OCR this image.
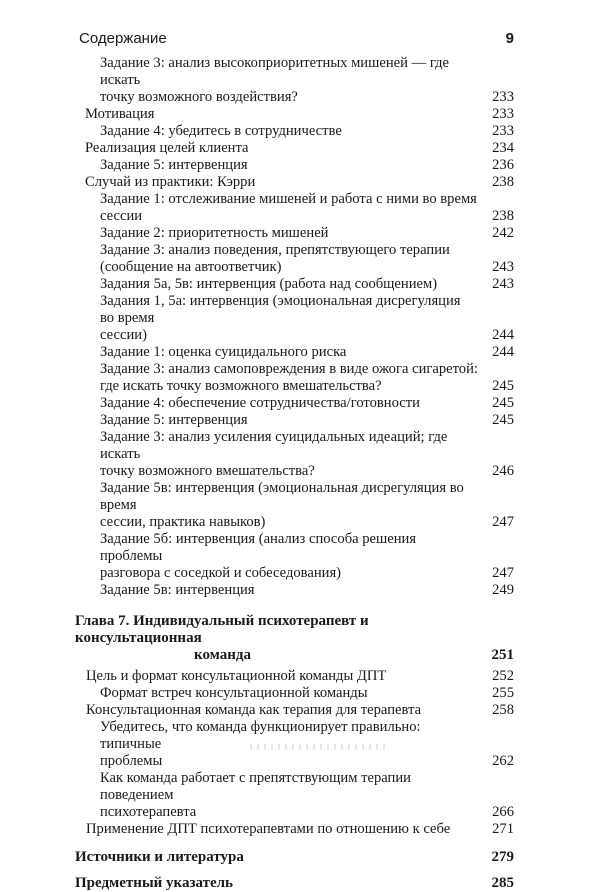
Содержание	9
Задание 3: анализ высокоприоритетных мишеней — где искать
точку возможного воздействия?	233
Мотивация	233
Задание 4: убедитесь в сотрудничестве	233
Реализация целей клиента	234
Задание 5: интервенция	236
Случай из практики: Кэрри	238
Задание 1: отслеживание мишеней и работа с ними во время сессии	238
Задание 2: приоритетность мишеней	242
Задание 3: анализ поведения, препятствующего терапии
(сообщение на автоответчик)	243
Задания 5а, 5в: интервенция (работа над сообщением)	243
Задания 1, 5а: интервенция (эмоциональная дисрегуляция во время
сессии)	244
Задание 1: оценка суицидального риска	244
Задание 3: анализ самоповреждения в виде ожога сигаретой:
где искать точку возможного вмешательства?	245
Задание 4: обеспечение сотрудничества/готовности	245
Задание 5: интервенция	245
Задание 3: анализ усиления суицидальных идеаций; где искать
точку возможного вмешательства?	246
Задание 5в: интервенция (эмоциональная дисрегуляция во время
сессии, практика навыков)	247
Задание 5б: интервенция (анализ способа решения проблемы
разговора с соседкой и собеседования)	247
Задание 5в: интервенция	249
Глава 7. Индивидуальный психотерапевт и консультационная
команда	251
Цель и формат консультационной команды ДПТ	252
Формат встреч консультационной команды	255
Консультационная команда как терапия для терапевта	258
Убедитесь, что команда функционирует правильно: типичные
проблемы	262
Как команда работает с препятствующим терапии поведением
психотерапевта	266
Применение ДПТ психотерапевтами по отношению к себе	271
Источники и литература	279
Предметный указатель	285
